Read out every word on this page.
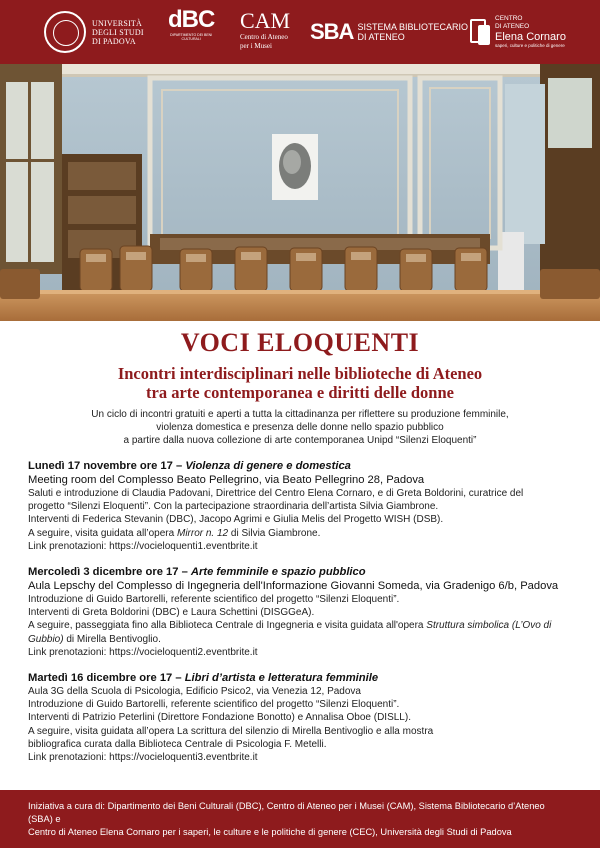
UNIVERSITÀ
DEGLI STUDI
DI PADOVA
dBC
DIPARTIMENTO DEI BENI CULTURALI
CAM
Centro di Ateneo
per i Musei
SBA SISTEMA BIBLIOTECARIO
DI ATENEO
CENTRO
DI ATENEO
Elena Cornaro
saperi, culture e politiche di genere
VOCI ELOQUENTI
Incontri interdisciplinari nelle biblioteche di Ateneo
tra arte contemporanea e diritti delle donne
Un ciclo di incontri gratuiti e aperti a tutta la cittadinanza per riflettere su produzione femminile,
violenza domestica e presenza delle donne nello spazio pubblico
a partire dalla nuova collezione di arte contemporanea Unipd “Silenzi Eloquenti”
Lunedì 17 novembre ore 17 – Violenza di genere e domestica
Meeting room del Complesso Beato Pellegrino, via Beato Pellegrino 28, Padova
Saluti e introduzione di Claudia Padovani, Direttrice del Centro Elena Cornaro, e di Greta Boldorini, curatrice del
progetto “Silenzi Eloquenti”. Con la partecipazione straordinaria dell’artista Silvia Giambrone.
Interventi di Federica Stevanin (DBC), Jacopo Agrimi e Giulia Melis del Progetto WISH (DSB).
A seguire, visita guidata all’opera Mirror n. 12 di Silvia Giambrone.
Link prenotazioni: https://vocieloquenti1.eventbrite.it
Mercoledì 3 dicembre ore 17 – Arte femminile e spazio pubblico
Aula Lepschy del Complesso di Ingegneria dell'Informazione Giovanni Someda, via Gradenigo 6/b, Padova
Introduzione di Guido Bartorelli, referente scientifico del progetto “Silenzi Eloquenti”.
Interventi di Greta Boldorini (DBC) e Laura Schettini (DISGGeA).
A seguire, passeggiata fino alla Biblioteca Centrale di Ingegneria e visita guidata all'opera Struttura simbolica (L’Ovo di
Gubbio) di Mirella Bentivoglio.
Link prenotazioni: https://vocieloquenti2.eventbrite.it
Martedì 16 dicembre ore 17 – Libri d’artista e letteratura femminile
Aula 3G della Scuola di Psicologia, Edificio Psico2, via Venezia 12, Padova
Introduzione di Guido Bartorelli, referente scientifico del progetto “Silenzi Eloquenti”.
Interventi di Patrizio Peterlini (Direttore Fondazione Bonotto) e Annalisa Oboe (DISLL).
A seguire, visita guidata all’opera La scrittura del silenzio di Mirella Bentivoglio e alla mostra
bibliografica curata dalla Biblioteca Centrale di Psicologia F. Metelli.
Link prenotazioni: https://vocieloquenti3.eventbrite.it
Iniziativa a cura di: Dipartimento dei Beni Culturali (DBC), Centro di Ateneo per i Musei (CAM), Sistema Bibliotecario d’Ateneo (SBA) e
Centro di Ateneo Elena Cornaro per i saperi, le culture e le politiche di genere (CEC), Università degli Studi di Padova
